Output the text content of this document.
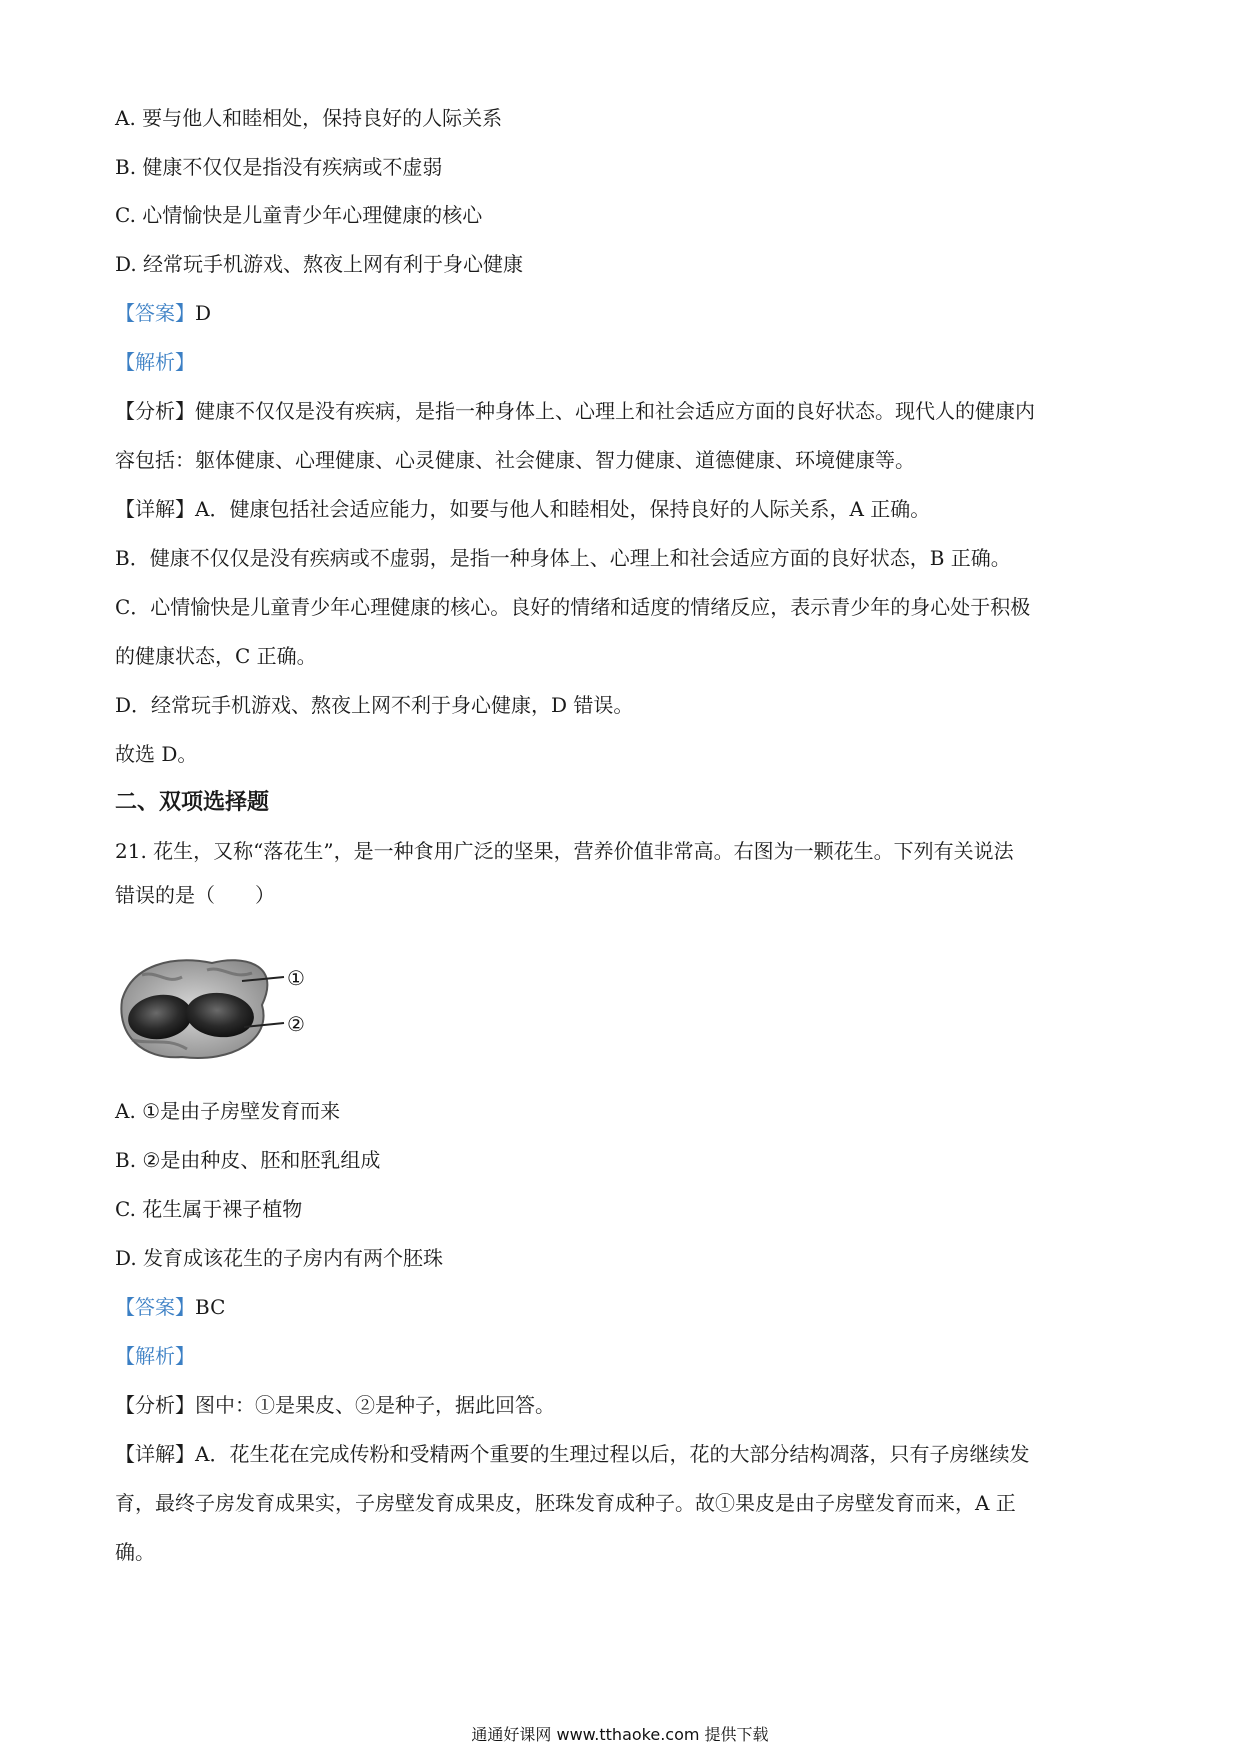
A. 要与他人和睦相处，保持良好的人际关系
B. 健康不仅仅是指没有疾病或不虚弱
C. 心情愉快是儿童青少年心理健康的核心
D. 经常玩手机游戏、熬夜上网有利于身心健康
【答案】D
【解析】
【分析】健康不仅仅是没有疾病，是指一种身体上、心理上和社会适应方面的良好状态。现代人的健康内
容包括：躯体健康、心理健康、心灵健康、社会健康、智力健康、道德健康、环境健康等。
【详解】A．健康包括社会适应能力，如要与他人和睦相处，保持良好的人际关系，A 正确。
B．健康不仅仅是没有疾病或不虚弱，是指一种身体上、心理上和社会适应方面的良好状态，B 正确。
C．心情愉快是儿童青少年心理健康的核心。良好的情绪和适度的情绪反应，表示青少年的身心处于积极
的健康状态，C 正确。
D．经常玩手机游戏、熬夜上网不利于身心健康，D 错误。
故选 D。
二、双项选择题
21. 花生，又称“落花生”，是一种食用广泛的坚果，营养价值非常高。右图为一颗花生。下列有关说法
错误的是（　　）
①
②
A. ①是由子房壁发育而来
B. ②是由种皮、胚和胚乳组成
C. 花生属于裸子植物
D. 发育成该花生的子房内有两个胚珠
【答案】BC
【解析】
【分析】图中：①是果皮、②是种子，据此回答。
【详解】A．花生花在完成传粉和受精两个重要的生理过程以后，花的大部分结构凋落，只有子房继续发
育，最终子房发育成果实，子房壁发育成果皮，胚珠发育成种子。故①果皮是由子房壁发育而来，A 正
确。
通通好课网 www.tthaoke.com 提供下载
